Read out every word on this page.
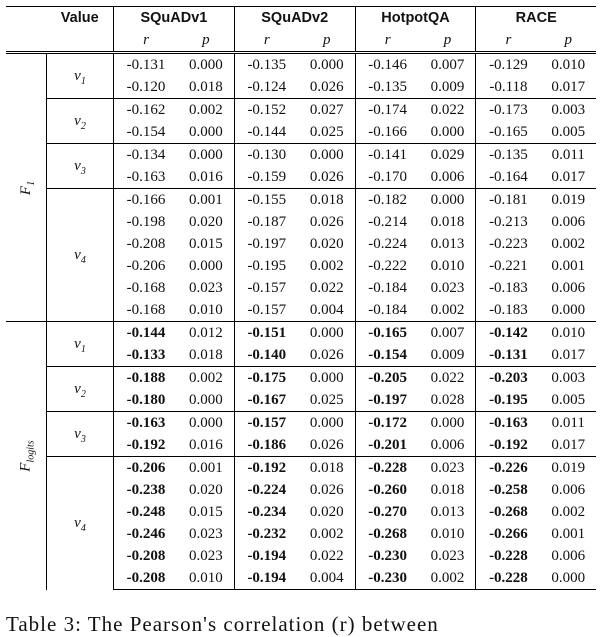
	Value	SQuADv1		SQuADv2		HotpotQA		RACE	
		r	p	r	p	r	p	r	p
$F_1$	$v_1$	-0.131	0.000	-0.135	0.000	-0.146	0.007	-0.129	0.010
		-0.120	0.018	-0.124	0.026	-0.135	0.009	-0.118	0.017
	$v_2$	-0.162	0.002	-0.152	0.027	-0.174	0.022	-0.173	0.003
		-0.154	0.000	-0.144	0.025	-0.166	0.000	-0.165	0.005
	$v_3$	-0.134	0.000	-0.130	0.000	-0.141	0.029	-0.135	0.011
		-0.163	0.016	-0.159	0.026	-0.170	0.006	-0.164	0.017
	$v_4$	-0.166	0.001	-0.155	0.018	-0.182	0.000	-0.181	0.019
		-0.198	0.020	-0.187	0.026	-0.214	0.018	-0.213	0.006
		-0.208	0.015	-0.197	0.020	-0.224	0.013	-0.223	0.002
		-0.206	0.000	-0.195	0.002	-0.222	0.010	-0.221	0.001
		-0.168	0.023	-0.157	0.022	-0.184	0.023	-0.183	0.006
		-0.168	0.010	-0.157	0.004	-0.184	0.002	-0.183	0.000
$F_{logits}$	$v_1$	-0.144	0.012	-0.151	0.000	-0.165	0.007	-0.142	0.010
		-0.133	0.018	-0.140	0.026	-0.154	0.009	-0.131	0.017
	$v_2$	-0.188	0.002	-0.175	0.000	-0.205	0.022	-0.203	0.003
		-0.180	0.000	-0.167	0.025	-0.197	0.028	-0.195	0.005
	$v_3$	-0.163	0.000	-0.157	0.000	-0.172	0.000	-0.163	0.011
		-0.192	0.016	-0.186	0.026	-0.201	0.006	-0.192	0.017
	$v_4$	-0.206	0.001	-0.192	0.018	-0.228	0.023	-0.226	0.019
		-0.238	0.020	-0.224	0.026	-0.260	0.018	-0.258	0.006
		-0.248	0.015	-0.234	0.020	-0.270	0.013	-0.268	0.002
		-0.246	0.023	-0.232	0.002	-0.268	0.010	-0.266	0.001
		-0.208	0.023	-0.194	0.022	-0.230	0.023	-0.228	0.006
		-0.208	0.010	-0.194	0.004	-0.230	0.002	-0.228	0.000
Table 3: The Pearson's correlation (r) between
